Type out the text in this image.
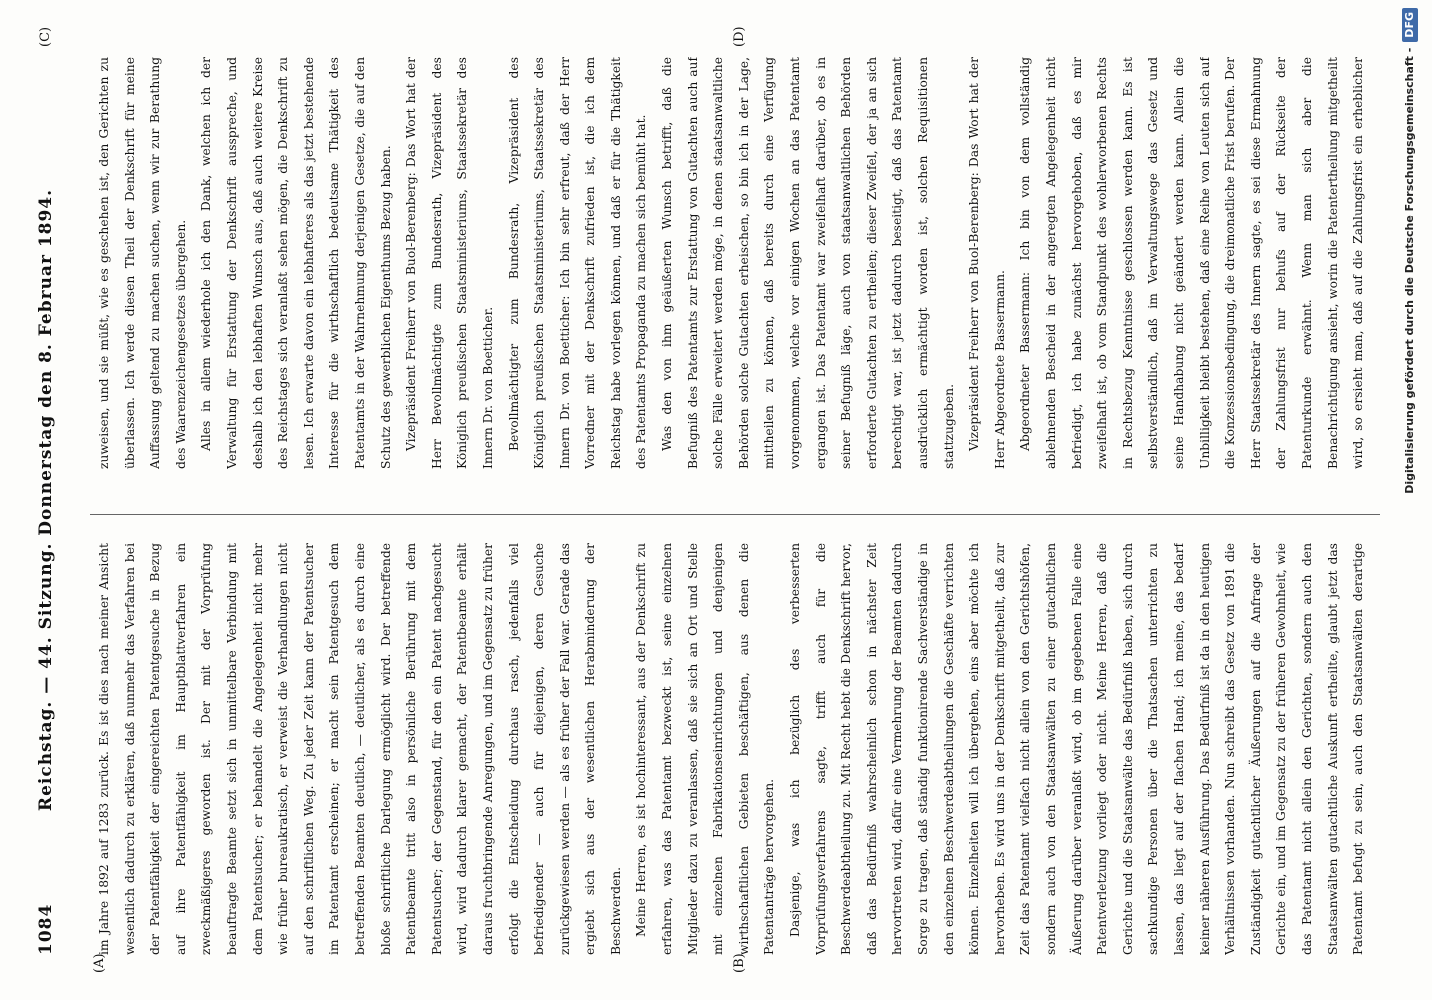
1084
Reichstag. — 44. Sitzung. Donnerstag den 8. Februar 1894.
(A)	(B)
(C)	(D)

im Jahre 1892 auf 1283 zurück. Es ist dies nach meiner Ansicht wesentlich dadurch zu erklären, daß nunmehr das Verfahren bei der Patentfähigkeit der eingereichten Patentgesuche in Bezug auf ihre Patentfähigkeit im Hauptblattverfahren ein zweckmäßigeres geworden ist. Der mit der Vorprüfung beauftragte Beamte setzt sich in unmittelbare Verbindung mit dem Patentsucher; er behandelt die Angelegenheit nicht mehr wie früher bureaukratisch, er verweist die Verhandlungen nicht auf den schriftlichen Weg. Zu jeder Zeit kann der Patentsucher im Patentamt erscheinen; er macht sein Patentgesuch dem betreffenden Beamten deutlich, — deutlicher, als es durch eine bloße schriftliche Darlegung ermöglicht wird. Der betreffende Patentbeamte tritt also in persönliche Berührung mit dem Patentsucher; der Gegenstand, für den ein Patent nachgesucht wird, wird dadurch klarer gemacht, der Patentbeamte erhält daraus fruchtbringende Anregungen, und im Gegensatz zu früher erfolgt die Entscheidung durchaus rasch, jedenfalls viel befriedigender — auch für diejenigen, deren Gesuche zurückgewiesen werden — als es früher der Fall war. Gerade das ergiebt sich aus der wesentlichen Herabminderung der Beschwerden. Meine Herren, es ist hochinteressant, aus der Denkschrift zu erfahren, was das Patentamt bezweckt ist, seine einzelnen Mitglieder dazu zu veranlassen, daß sie sich an Ort und Stelle mit einzelnen Fabrikationseinrichtungen und denjenigen wirthschaftlichen Gebieten beschäftigen, aus denen die Patentanträge hervorgehen. Dasjenige, was ich bezüglich des verbesserten Vorprüfungsverfahrens sagte, trifft auch für die Beschwerdeabtheilung zu. Mit Recht hebt die Denkschrift hervor, daß das Bedürfniß wahrscheinlich schon in nächster Zeit hervortreten wird, dafür eine Vermehrung der Beamten dadurch Sorge zu tragen, daß ständig funktionirende Sachverständige in den einzelnen Beschwerdeabtheilungen die Geschäfte verrichten können. Einzelheiten will ich übergehen, eins aber möchte ich hervorheben. Es wird uns in der Denkschrift mitgetheilt, daß zur Zeit das Patentamt vielfach nicht allein von den Gerichtshöfen, sondern auch von den Staatsanwälten zu einer gutachtlichen Äußerung darüber veranlaßt wird, ob im gegebenen Falle eine Patentverletzung vorliegt oder nicht. Meine Herren, daß die Gerichte und die Staatsanwälte das Bedürfniß haben, sich durch sachkundige Personen über die Thatsachen unterrichten zu lassen, das liegt auf der flachen Hand; ich meine, das bedarf keiner näheren Ausführung. Das Bedürfniß ist da in den heutigen Verhältnissen vorhanden. Nun schreibt das Gesetz von 1891 die Zuständigkeit gutachtlicher Äußerungen auf die Anfrage der Gerichte ein, und im Gegensatz zu der früheren Gewohnheit, wie das Patentamt nicht allein den Gerichten, sondern auch den Staatsanwälten gutachtliche Auskunft ertheilte, glaubt jetzt das Patentamt befugt zu sein, auch den Staatsanwälten derartige

zuweisen, und sie müßt, wie es geschehen ist, den Gerichten zu überlassen. Ich werde diesen Theil der Denkschrift für meine Auffassung geltend zu machen suchen, wenn wir zur Berathung des Waarenzeichengesetzes übergehen. Alles in allem wiederhole ich den Dank, welchen ich der Verwaltung für Erstattung der Denkschrift ausspreche, und deshalb ich den lebhaften Wunsch aus, daß auch weitere Kreise des Reichstages sich veranlaßt sehen mögen, die Denkschrift zu lesen. Ich erwarte davon ein lebhafteres als das jetzt bestehende Interesse für die wirthschaftlich bedeutsame Thätigkeit des Patentamts in der Wahrnehmung derjenigen Gesetze, die auf den Schutz des gewerblichen Eigenthums Bezug haben. Vizepräsident Freiherr von Buol-Berenberg: Das Wort hat der Herr Bevollmächtigte zum Bundesrath, Vizepräsident des Königlich preußischen Staatsministeriums, Staatssekretär des Innern Dr. von Boetticher. Bevollmächtigter zum Bundesrath, Vizepräsident des Königlich preußischen Staatsministeriums, Staatssekretär des Innern Dr. von Boetticher: Ich bin sehr erfreut, daß der Herr Vorredner mit der Denkschrift zufrieden ist, die ich dem Reichstag habe vorlegen können, und daß er für die Thätigkeit des Patentamts Propaganda zu machen sich bemüht hat. Was den von ihm geäußerten Wunsch betrifft, daß die Befugniß des Patentamts zur Erstattung von Gutachten auch auf solche Fälle erweitert werden möge, in denen staatsanwaltliche Behörden solche Gutachten erheischen, so bin ich in der Lage, mittheilen zu können, daß bereits durch eine Verfügung vorgenommen, welche vor einigen Wochen an das Patentamt ergangen ist. Das Patentamt war zweifelhaft darüber, ob es in seiner Befugniß läge, auch von staatsanwaltlichen Behörden erforderte Gutachten zu ertheilen; dieser Zweifel, der ja an sich berechtigt war, ist jetzt dadurch beseitigt, daß das Patentamt ausdrücklich ermächtigt worden ist, solchen Requisitionen stattzugeben. Vizepräsident Freiherr von Buol-Berenberg: Das Wort hat der Herr Abgeordnete Bassermann. Abgeordneter Bassermann: Ich bin von dem vollständig ablehnenden Bescheid in der angeregten Angelegenheit nicht befriedigt, ich habe zunächst hervorgehoben, daß es mir zweifelhaft ist, ob vom Standpunkt des wohlerworbenen Rechts in Rechtsbezug Kenntnisse geschlossen werden kann. Es ist selbstverständlich, daß im Verwaltungswege das Gesetz und seine Handhabung nicht geändert werden kann. Allein die Unbilligkeit bleibt bestehen, daß eine Reihe von Leuten sich auf die Konzessionsbedingung, die dreimonatliche Frist berufen. Der Herr Staatssekretär des Innern sagte, es sei diese Ermahnung der Zahlungsfrist nur behufs auf der Rückseite der Patenturkunde erwähnt. Wenn man sich aber die Benachrichtigung ansieht, worin die Patentertheilung mitgetheilt wird, so ersieht man, daß auf die Zahlungsfrist ein erheblicher	Digitalisierung gefördert durch die Deutsche Forschungsgemeinschaft -DFG
